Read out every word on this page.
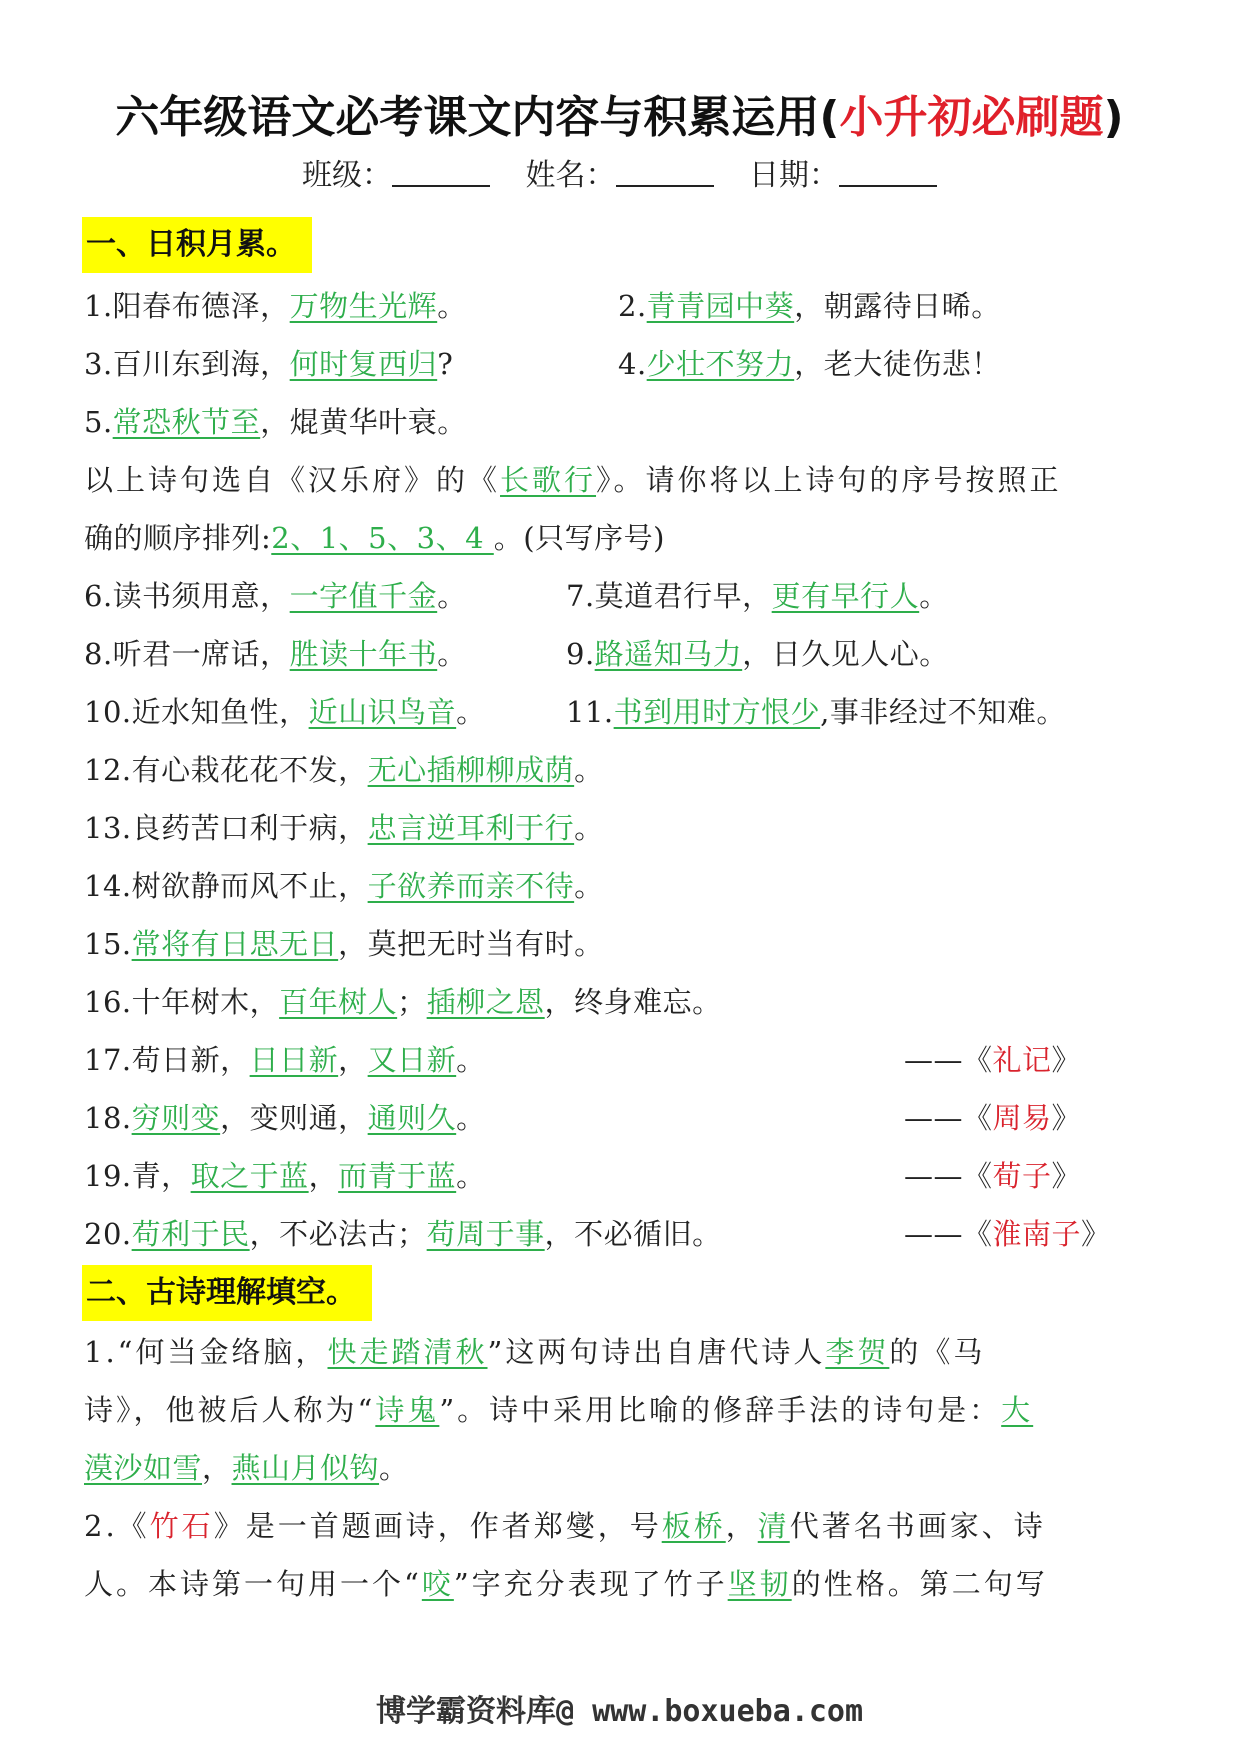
六年级语文必考课文内容与积累运用(小升初必刷题)
班级：	姓名：	日期：
一、日积月累。
1.阳春布德泽，万物生光辉。	2.青青园中葵，朝露待日晞。
3.百川东到海，何时复西归?	4.少壮不努力，老大徒伤悲！
5.常恐秋节至，焜黄华叶衰。
以上诗句选自《汉乐府》的《长歌行》。请你将以上诗句的序号按照正
确的顺序排列:2、1、5、3、4 。(只写序号)
6.读书须用意，一字值千金。	7.莫道君行早，更有早行人。
8.听君一席话，胜读十年书。	9.路遥知马力，日久见人心。
10.近水知鱼性，近山识鸟音。	11.书到用时方恨少,事非经过不知难。
12.有心栽花花不发，无心插柳柳成荫。
13.良药苦口利于病，忠言逆耳利于行。
14.树欲静而风不止，子欲养而亲不待。
15.常将有日思无日，莫把无时当有时。
16.十年树木，百年树人；插柳之恩，终身难忘。
17.苟日新，日日新，又日新。	——《礼记》
18.穷则变，变则通，通则久。	——《周易》
19.青，取之于蓝，而青于蓝。	——《荀子》
20.苟利于民，不必法古；苟周于事，不必循旧。	——《淮南子》
二、古诗理解填空。
1.“何当金络脑，快走踏清秋”这两句诗出自唐代诗人李贺的《马
诗》，他被后人称为“诗鬼”。诗中采用比喻的修辞手法的诗句是：大
漠沙如雪，燕山月似钩。
2.《竹石》是一首题画诗，作者郑燮，号板桥，清代著名书画家、诗
人。本诗第一句用一个“咬”字充分表现了竹子坚韧的性格。第二句写
博学霸资料库@ www.boxueba.com
